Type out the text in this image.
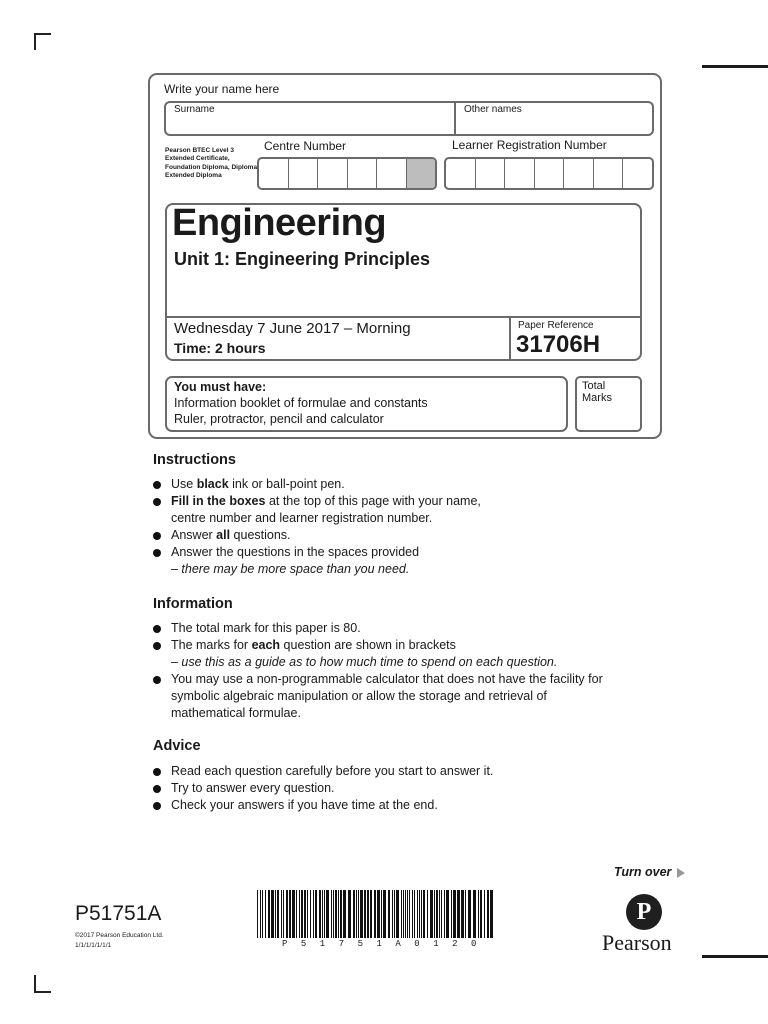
Write your name here
Surname	Other names
Pearson BTEC Level 3 Extended Certificate, Foundation Diploma, Diploma, Extended Diploma
Centre Number	Learner Registration Number
Engineering
Unit 1: Engineering Principles
Wednesday 7 June 2017 – Morning
Time: 2 hours
Paper Reference
31706H
You must have:
Information booklet of formulae and constants
Ruler, protractor, pencil and calculator
Total Marks
Instructions
Use black ink or ball-point pen.
Fill in the boxes at the top of this page with your name,
centre number and learner registration number.
Answer all questions.
Answer the questions in the spaces provided
– there may be more space than you need.
Information
The total mark for this paper is 80.
The marks for each question are shown in brackets
– use this as a guide as to how much time to spend on each question.
You may use a non-programmable calculator that does not have the facility for symbolic algebraic manipulation or allow the storage and retrieval of mathematical formulae.
Advice
Read each question carefully before you start to answer it.
Try to answer every question.
Check your answers if you have time at the end.
Turn over
P51751A
©2017 Pearson Education Ltd.
1/1/1/1/1/1/1	P51751A0120
P
Pearson
